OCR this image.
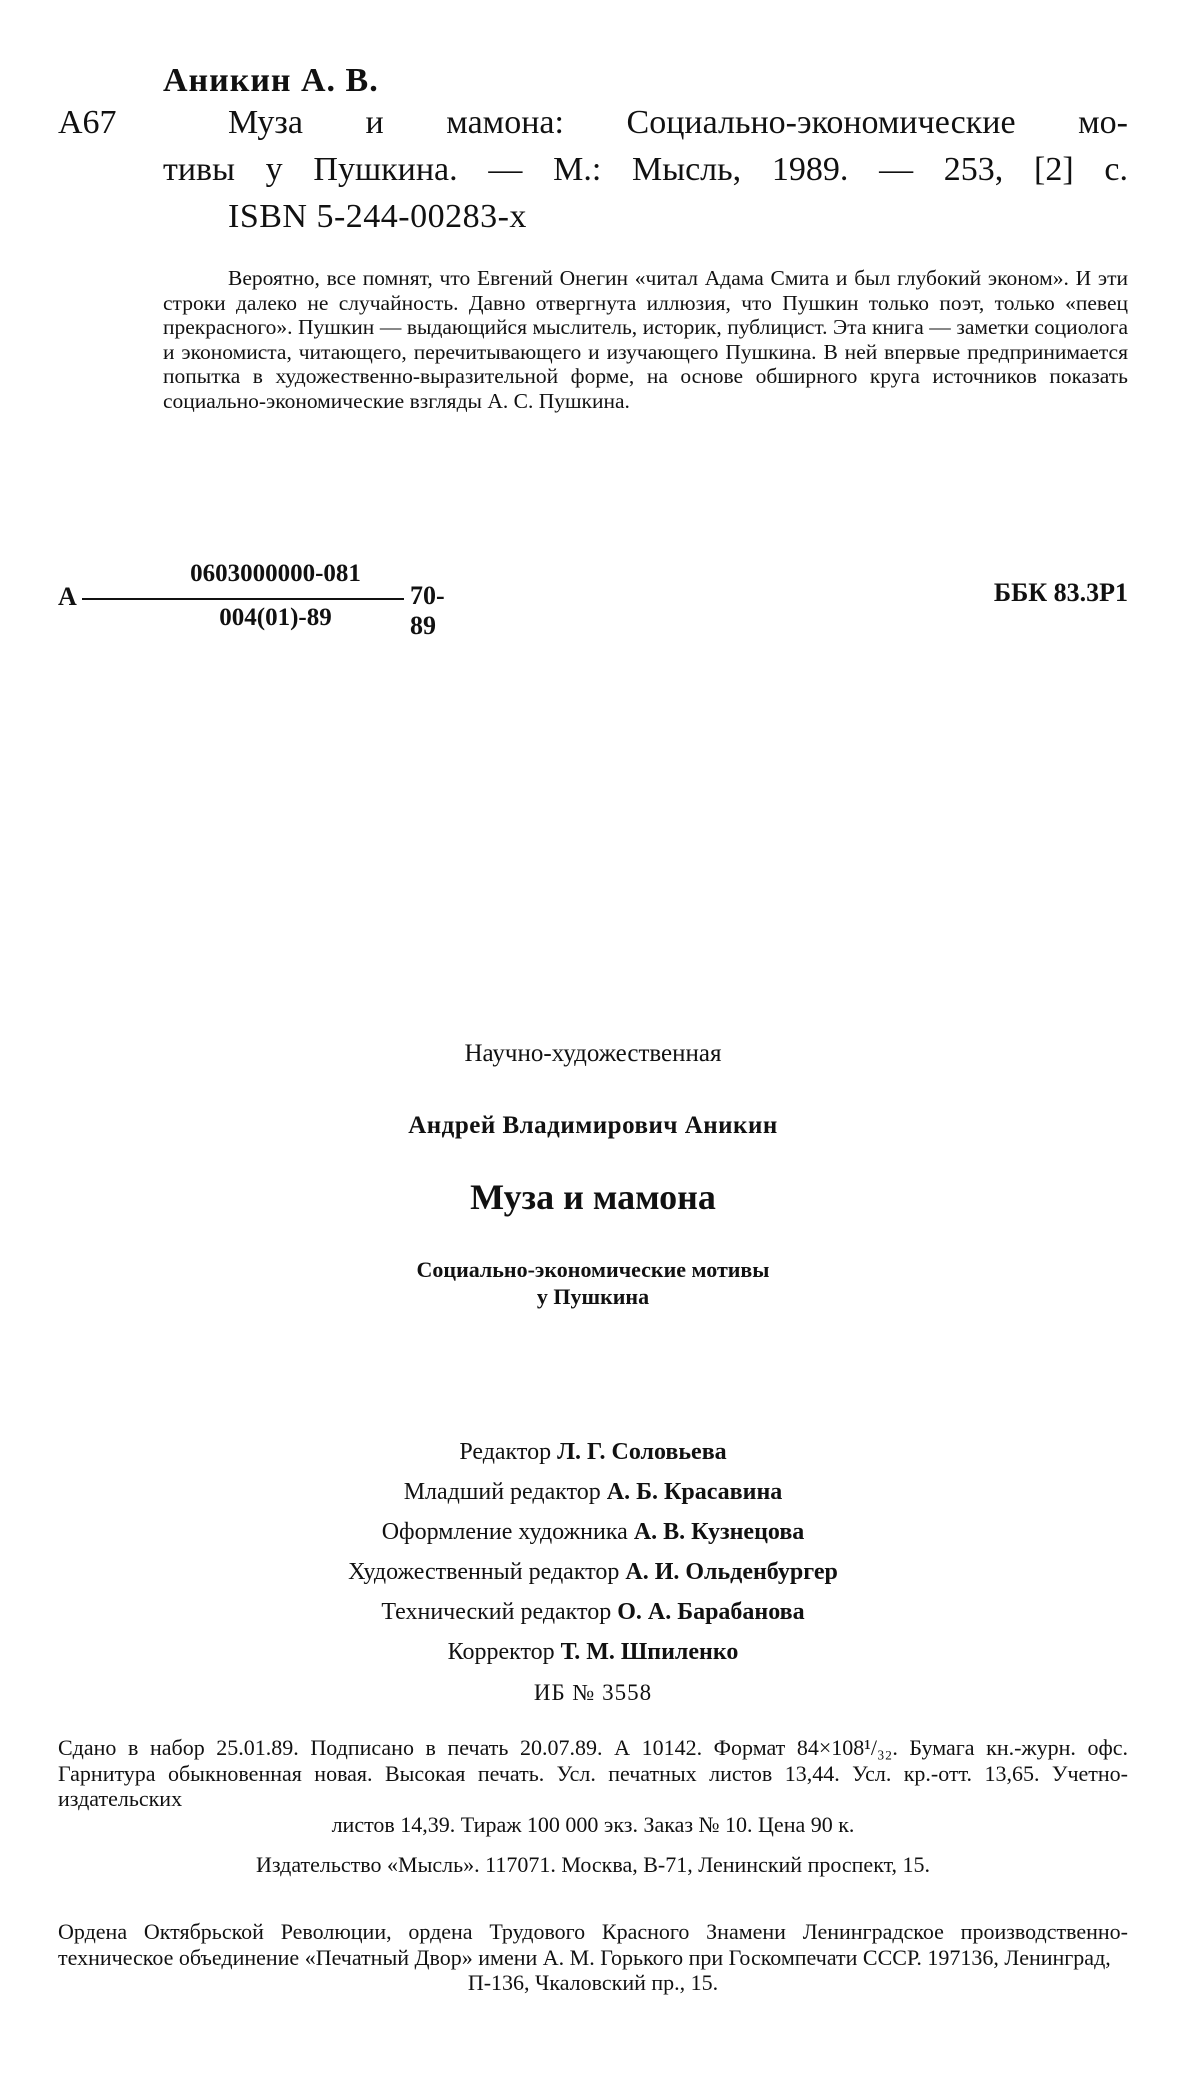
Аникин А. В.
А67	Муза и мамона: Социально-экономические мо-
тивы у Пушкина. — М.: Мысль, 1989. — 253, [2] с.
ISBN 5-244-00283-х

Вероятно, все помнят, что Евгений Онегин «читал Адама Смита и был глубокий эконом». И эти строки далеко не случайность. Давно отвергнута иллюзия, что Пушкин только поэт, только «певец прекрасного». Пушкин — выдающийся мыслитель, историк, публицист. Эта книга — заметки социолога и экономиста, читающего, перечитывающего и изучающего Пушкина. В ней впервые предпринимается попытка в художественно-выразительной форме, на основе обширного круга источников показать социально-экономические взгляды А. С. Пушкина.

А
0603000000-081
004(01)-89
70-89
ББК 83.3Р1
Научно-художественная
Андрей Владимирович Аникин
Муза и мамона
Социально-экономические мотивы
у Пушкина
Редактор Л. Г. Соловьева
Младший редактор А. Б. Красавина
Оформление художника А. В. Кузнецова
Художественный редактор А. И. Ольденбургер
Технический редактор О. А. Барабанова
Корректор Т. М. Шпиленко
ИБ № 3558
Сдано в набор 25.01.89. Подписано в печать 20.07.89. А 10142. Формат 84×108¹/₃₂. Бумага кн.-журн. офс. Гарнитура обыкновенная новая. Высокая печать. Усл. печатных листов 13,44. Усл. кр.-отт. 13,65. Учетно-издательских
листов 14,39. Тираж 100 000 экз. Заказ № 10. Цена 90 к.
Издательство «Мысль». 117071. Москва, В-71, Ленинский проспект, 15.
Ордена Октябрьской Революции, ордена Трудового Красного Знамени Ленинградское производственно-техническое объединение «Печатный Двор» имени А. М. Горького при Госкомпечати СССР. 197136, Ленинград,
П-136, Чкаловский пр., 15.
